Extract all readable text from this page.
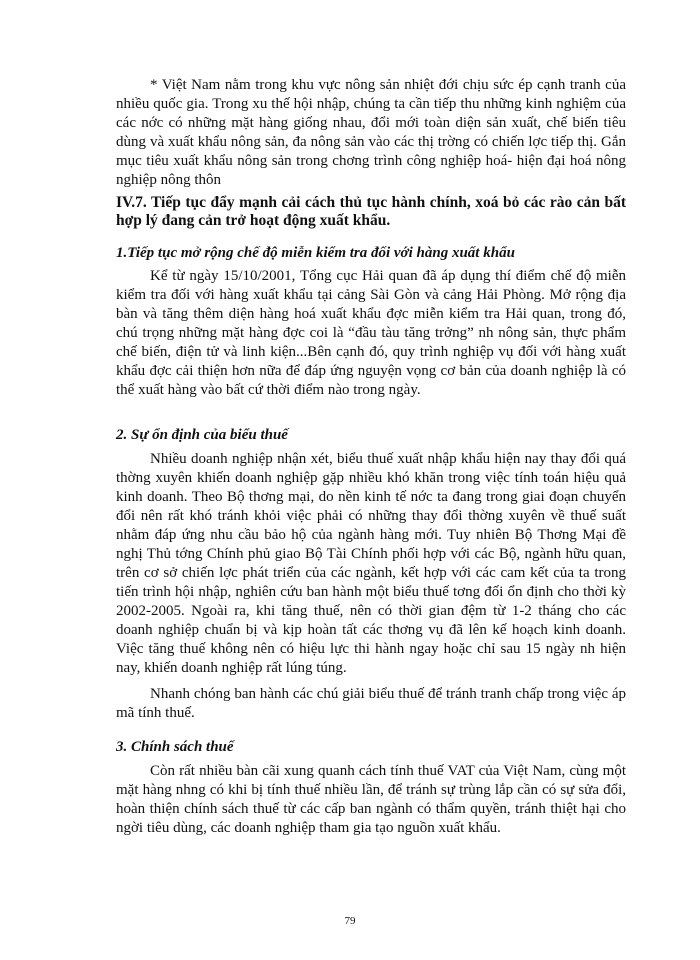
* Việt Nam nằm trong khu vực nông sản nhiệt đới chịu sức ép cạnh tranh của nhiều quốc gia. Trong xu thế hội nhập, chúng ta cần tiếp thu những kinh nghiệm của các nớc có những mặt hàng giống nhau, đổi mới toàn diện sản xuất, chế biến tiêu dùng và xuất khẩu nông sản, đa nông sản vào các thị trờng có chiến lợc tiếp thị. Gắn mục tiêu xuất khẩu nông sản trong chơng trình công nghiệp hoá- hiện đại hoá nông nghiệp nông thôn

IV.7. Tiếp tục đẩy mạnh cải cách thủ tục hành chính, xoá bỏ các rào cản bất hợp lý đang cản trở hoạt động xuất khẩu.

1.Tiếp tục mở rộng chế độ miễn kiểm tra đối với hàng xuất khẩu

Kể từ ngày 15/10/2001, Tổng cục Hải quan đã áp dụng thí điểm chế độ miễn kiểm tra đối với hàng xuất khẩu tại cảng Sài Gòn và cảng Hải Phòng. Mở rộng địa bàn và tăng thêm diện hàng hoá xuất khẩu đợc miễn kiểm tra Hải quan, trong đó, chú trọng những mặt hàng đợc coi là “đầu tàu tăng trởng” nh nông sản, thực phẩm chế biến, điện tử và linh kiện...Bên cạnh đó, quy trình nghiệp vụ đối với hàng xuất khẩu đợc cải thiện hơn nữa để đáp ứng nguyện vọng cơ bản của doanh nghiệp là có thể xuất hàng vào bất cứ thời điểm nào trong ngày.

2. Sự ổn định của biểu thuế

Nhiều doanh nghiệp nhận xét, biểu thuế xuất nhập khẩu hiện nay thay đổi quá thờng xuyên khiến doanh nghiệp gặp nhiều khó khăn trong việc tính toán hiệu quả kinh doanh. Theo Bộ thơng mại, do nền kinh tế nớc ta đang trong giai đoạn chuyển đổi nên rất khó tránh khỏi việc phải có những thay đổi thờng xuyên về thuế suất nhằm đáp ứng nhu cầu bảo hộ của ngành hàng mới. Tuy nhiên Bộ Thơng Mại đề nghị Thủ tớng Chính phủ giao Bộ Tài Chính phối hợp với các Bộ, ngành hữu quan, trên cơ sở chiến lợc phát triển của các ngành, kết hợp với các cam kết của ta trong tiến trình hội nhập, nghiên cứu ban hành một biểu thuế tơng đối ổn định cho thời kỳ 2002-2005. Ngoài ra, khi tăng thuế, nên có thời gian đệm từ 1-2 tháng cho các doanh nghiệp chuẩn bị và kịp hoàn tất các thơng vụ đã lên kế hoạch kinh doanh. Việc tăng thuế không nên có hiệu lực thi hành ngay hoặc chỉ sau 15 ngày nh hiện nay, khiến doanh nghiệp rất lúng túng.

Nhanh chóng ban hành các chú giải biểu thuế để tránh tranh chấp trong việc áp mã tính thuế.

3. Chính sách thuế

Còn rất nhiều bàn cãi xung quanh cách tính thuế VAT của Việt Nam, cùng một mặt hàng nhng có khi bị tính thuế nhiều lần, để tránh sự trùng lắp cần có sự sửa đổi, hoàn thiện chính sách thuế từ các cấp ban ngành có thẩm quyền, tránh thiệt hại cho ngời tiêu dùng, các doanh nghiệp tham gia tạo nguồn xuất khẩu.

79
